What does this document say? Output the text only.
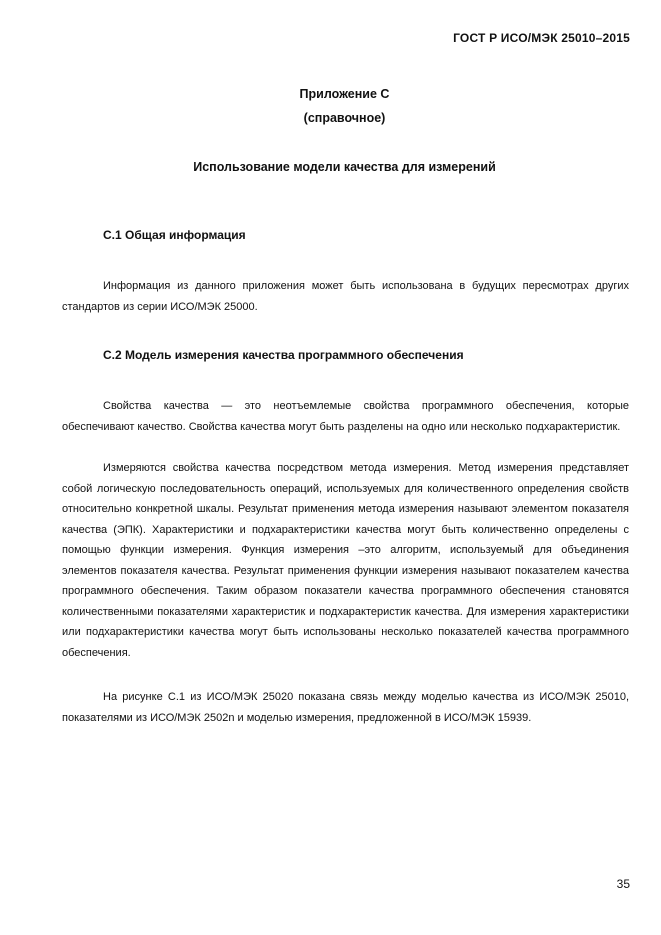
ГОСТ Р ИСО/МЭК 25010–2015
Приложение С
(справочное)
Использование модели качества для измерений
С.1 Общая информация

Информация из данного приложения может быть использована в будущих пересмотрах других стандартов из серии ИСО/МЭК 25000.

С.2 Модель измерения качества программного обеспечения

Свойства качества — это неотъемлемые свойства программного обеспечения, которые обеспечивают качество. Свойства качества могут быть разделены на одно или несколько подхарактеристик.

Измеряются свойства качества посредством метода измерения. Метод измерения представляет собой логическую последовательность операций, используемых для количественного определения свойств относительно конкретной шкалы. Результат применения метода измерения называют элементом показателя качества (ЭПК). Характеристики и подхарактеристики качества могут быть количественно определены с помощью функции измерения. Функция измерения –это алгоритм, используемый для объединения элементов показателя качества. Результат применения функции измерения называют показателем качества программного обеспечения. Таким образом показатели качества программного обеспечения становятся количественными показателями характеристик и подхарактеристик качества. Для измерения характеристики или подхарактеристики качества могут быть использованы несколько показателей качества программного обеспечения.

На рисунке С.1 из ИСО/МЭК 25020 показана связь между моделью качества из ИСО/МЭК 25010, показателями из ИСО/МЭК 2502n и моделью измерения, предложенной в ИСО/МЭК 15939.

35
